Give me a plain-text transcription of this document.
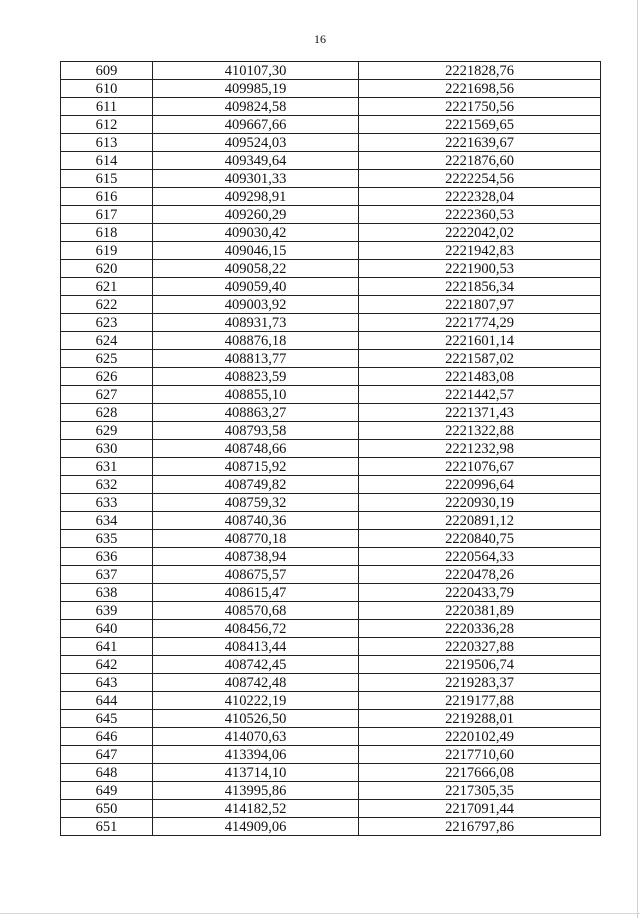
16
609	410107,30	2221828,76
610	409985,19	2221698,56
611	409824,58	2221750,56
612	409667,66	2221569,65
613	409524,03	2221639,67
614	409349,64	2221876,60
615	409301,33	2222254,56
616	409298,91	2222328,04
617	409260,29	2222360,53
618	409030,42	2222042,02
619	409046,15	2221942,83
620	409058,22	2221900,53
621	409059,40	2221856,34
622	409003,92	2221807,97
623	408931,73	2221774,29
624	408876,18	2221601,14
625	408813,77	2221587,02
626	408823,59	2221483,08
627	408855,10	2221442,57
628	408863,27	2221371,43
629	408793,58	2221322,88
630	408748,66	2221232,98
631	408715,92	2221076,67
632	408749,82	2220996,64
633	408759,32	2220930,19
634	408740,36	2220891,12
635	408770,18	2220840,75
636	408738,94	2220564,33
637	408675,57	2220478,26
638	408615,47	2220433,79
639	408570,68	2220381,89
640	408456,72	2220336,28
641	408413,44	2220327,88
642	408742,45	2219506,74
643	408742,48	2219283,37
644	410222,19	2219177,88
645	410526,50	2219288,01
646	414070,63	2220102,49
647	413394,06	2217710,60
648	413714,10	2217666,08
649	413995,86	2217305,35
650	414182,52	2217091,44
651	414909,06	2216797,86
